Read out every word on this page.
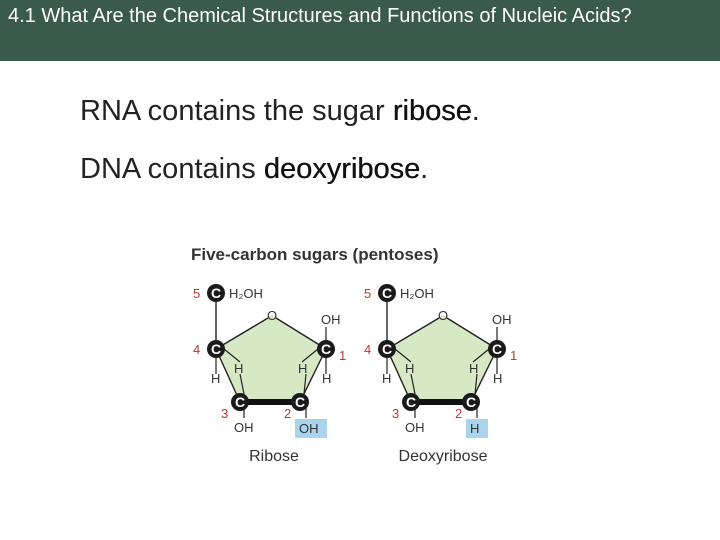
4.1 What Are the Chemical Structures and Functions of Nucleic Acids?
RNA contains the sugar ribose.
DNA contains deoxyribose.
Five-carbon sugars (pentoses)
C
C	C
C	C
5
4	1
3	2
H₂OH
O	OH
H
H
H
H
OH	OH
Ribose
C
C	C
C	C
5
4	1
3	2
H₂OH
O	OH
H
H
H
H
OH	H
Deoxyribose
